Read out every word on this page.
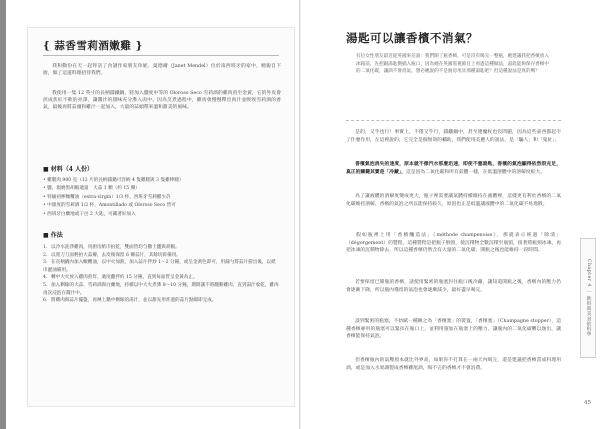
{ 蒜香雪莉酒嫩雞 }
我和動份在天一起拜訪了食譜作家朋友珍妮．曼德爾（Janet Mendel）位於南西班牙的家中，她親自下廚，做了這道料理招待我們。
我使用一隻 12 英寸的長柄鑄鐵鍋，將加入鹽度中等的 Oloroso Seco 雪莉酒的雞肉煎至金黃，它的外皮會煎成焦紅不軟的亮澤，讓醬汁的甜味充分滲入肉中。因為烹煮過程中，雞肉會慢慢釋出肉汁並吸收雪莉酒的香氣，最後再將蒜頭和雞汁一起加入，大量的蒜頭帶來溫和甜美的風味。
■ 材料（4 人份）
• 雞腿肉 900 克（12 片的長柄鑄鍋可容納 4 隻雞腿與 3 隻雞棒腿）
• 鹽、現磨黑胡椒適量　大蒜 1 顆（約 15 瓣）
• 特級初榨橄欖油（extra-virgin）1/3 杯、西班牙雪莉醋少許
• 中甜度的雪莉酒 1/2 杯，Amontillado 或 Oloroso Seco 皆可
• 西班牙白蘭地或干邑 2 大匙，可藏著好加入
■ 作法
1. 以冷水洗淨雞肉，用廚房紙巾拍乾，雙面皆均勻撒上鹽與胡椒。
2. 以寬刀刀面輕拍大蒜瓣，去皮後保留 6 瓣蒜片，其餘切碎備用。
3. 在長柄鍋內加入橄欖油，以中火加熱，加入蒜片拌炒 1～2 分鐘，或呈金黃色即可，用漏勺將蒜片撈出後，以紙巾瀝油備用。
4. 轉中大火放入雞肉煎炸，適度翻拌約 15 分鐘，直到每面皆呈金黃為止。
5. 加入剩餘的大蒜、雪莉酒與白蘭地，持續以中大火煮沸 8～10 分鐘，期間讓不時翻動雞肉，直到湯汁收乾，雞肉再次浸泡在醬汁中。
6. 將雞肉與蒜片擺盤，再淋上鍋中剩餘的湯汁，並以甜先用炸過的蒜片點綴即完成。
湯匙可以讓香檳不消氣？
有位女性朋友最近從英國來信說：我們開了瓶香檳，可是沒有喝完一整瓶，她建議我把香檳放入冰箱前，先把銀湯匙倒插入瓶口，因為她在英國電視節目上看過這種做法，湯匙能夠保存香檳中的二氧化碳，讓酒不會消氣。想必她說的不是廚房用具那種湯匙吧？但這種說法是真的嗎？
是的，又乎也行！事實上，不僅又乎行，鑄鐵鍋中，甚至連魔杖也沒問題，因為這些東西都起不了什麼作用，在這裡說的，它完全是個無效的輔助，我們使用美麗人的說法，是「騙人」和「鬼扯」。
香檳氣泡消失的速度，原本就不像汽水那麼迅速，即使不塞湯匙，香檳的氣泡顯得依然很充足，真正的關鍵其實是「冷藏」，這是因為二氧化碳和所有氣體一樣，在低溫溶體中的溶解度較大。
為了讓液體的溶解度變成更大，瓶子裡需要讓氣體持續維持在液體裡，這樣更有利於香檳的二氧化碳維持溶解，香檳的氣泡之所以能保持較久，原因也正是低溫讓液體中的二氧化碳不易逸散。
假如瓶裡上用「香檳釀造法」（méthode champenoise），那就表示經過「除渣」（dégorgement）的製程，這種製程是把瓶子倒置，使沉積物全數沉積至瓶頸，接著將瓶頸冰凍，再把冰凍的沉積物除去，所以這種香檳仍然含有大量的二氧化碳，開瓶之後也能維持一段時間。
若要保留已開瓶的香檳，請使用緊密的瓶塞封住瓶口後冷藏，讓知道開瓶之後，香檳內的壓力仍會逐漸下降，所以瓶內殘留的氣泡也會逐漸減少，最好盡早喝完。
談到緊密的瓶塞，不妨賦一種稱之為「香檳塞」的裝置，「香檳塞」（Champagne stopper），這種香檳專用的瓶塞可以緊扣在瓶口上，並利用施加在瓶塞上的壓力，讓瓶內的二氧化碳難以逸出，讓香檳能保持氣泡。
但香檳瓶內的氣壓原本就比外界高，如果你不打算在一兩天內喝完，還是建議把香檳當成料理用酒，或是加入水果調製成香檳雞尾酒，喝不完的香檳才不會浪費。
Chapter 4 ｜ 飲料與美食的科學
45
